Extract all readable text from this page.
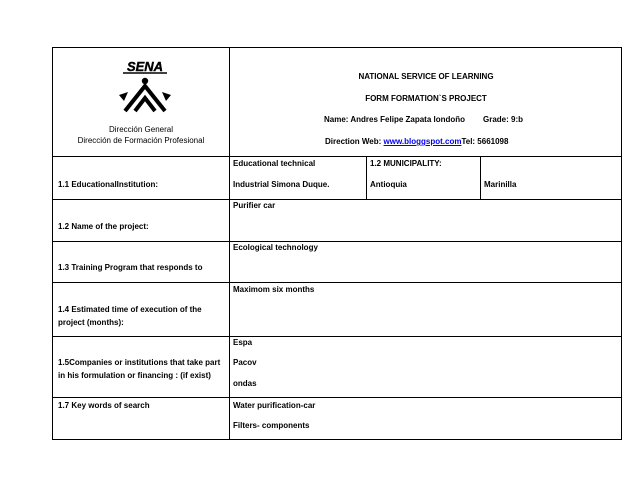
SENA
Dirección General
Dirección de Formación Profesional
NATIONAL SERVICE OF LEARNING
FORM FORMATION`S PROJECT
Name: Andres Felipe Zapata londoño Grade: 9:b
Direction Web: www.bloggspot.comTel: 5661098
1.1 EducationalInstitution:
Educational technical
Industrial Simona Duque.
1.2 MUNICIPALITY:
Antioquia	Marinilla
1.2 Name of the project:
Purifier car
1.3 Training Program that responds to
Ecological technology
1.4 Estimated time of execution of the
project (months):
Maximom six months
1.5Companies or institutions that take part
in his formulation or financing : (if exist)
Espa
Pacov
ondas
1.7 Key words of search	Water purification-car
Filters- components
